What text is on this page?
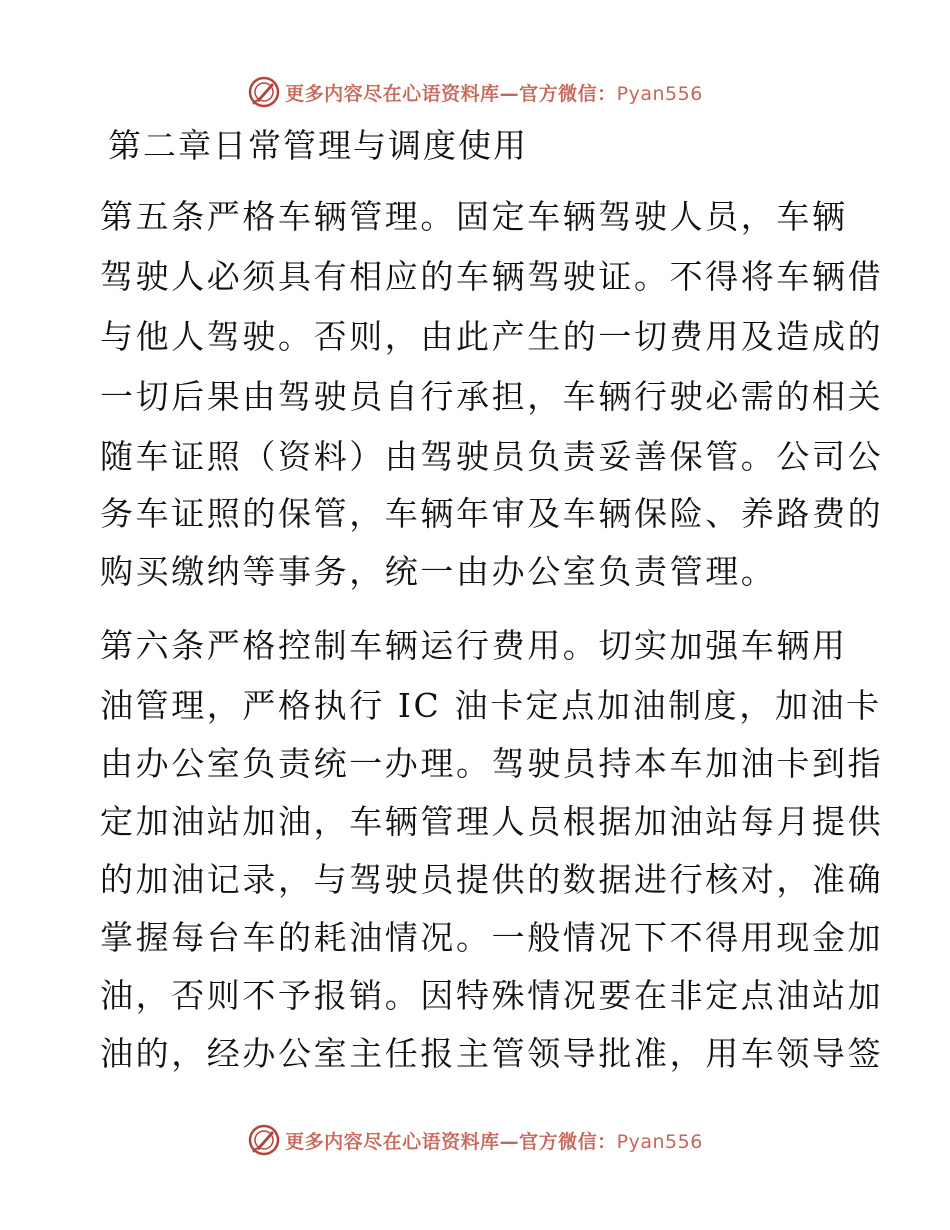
更多内容尽在心语资料库—官方微信：Pyan556
第二章日常管理与调度使用
第五条严格车辆管理。固定车辆驾驶人员，车辆
驾驶人必须具有相应的车辆驾驶证。不得将车辆借
与他人驾驶。否则，由此产生的一切费用及造成的
一切后果由驾驶员自行承担，车辆行驶必需的相关
随车证照（资料）由驾驶员负责妥善保管。公司公
务车证照的保管，车辆年审及车辆保险、养路费的
购买缴纳等事务，统一由办公室负责管理。
第六条严格控制车辆运行费用。切实加强车辆用
油管理，严格执行 IC 油卡定点加油制度，加油卡
由办公室负责统一办理。驾驶员持本车加油卡到指
定加油站加油，车辆管理人员根据加油站每月提供
的加油记录，与驾驶员提供的数据进行核对，准确
掌握每台车的耗油情况。一般情况下不得用现金加
油，否则不予报销。因特殊情况要在非定点油站加
油的，经办公室主任报主管领导批准，用车领导签
更多内容尽在心语资料库—官方微信：Pyan556
